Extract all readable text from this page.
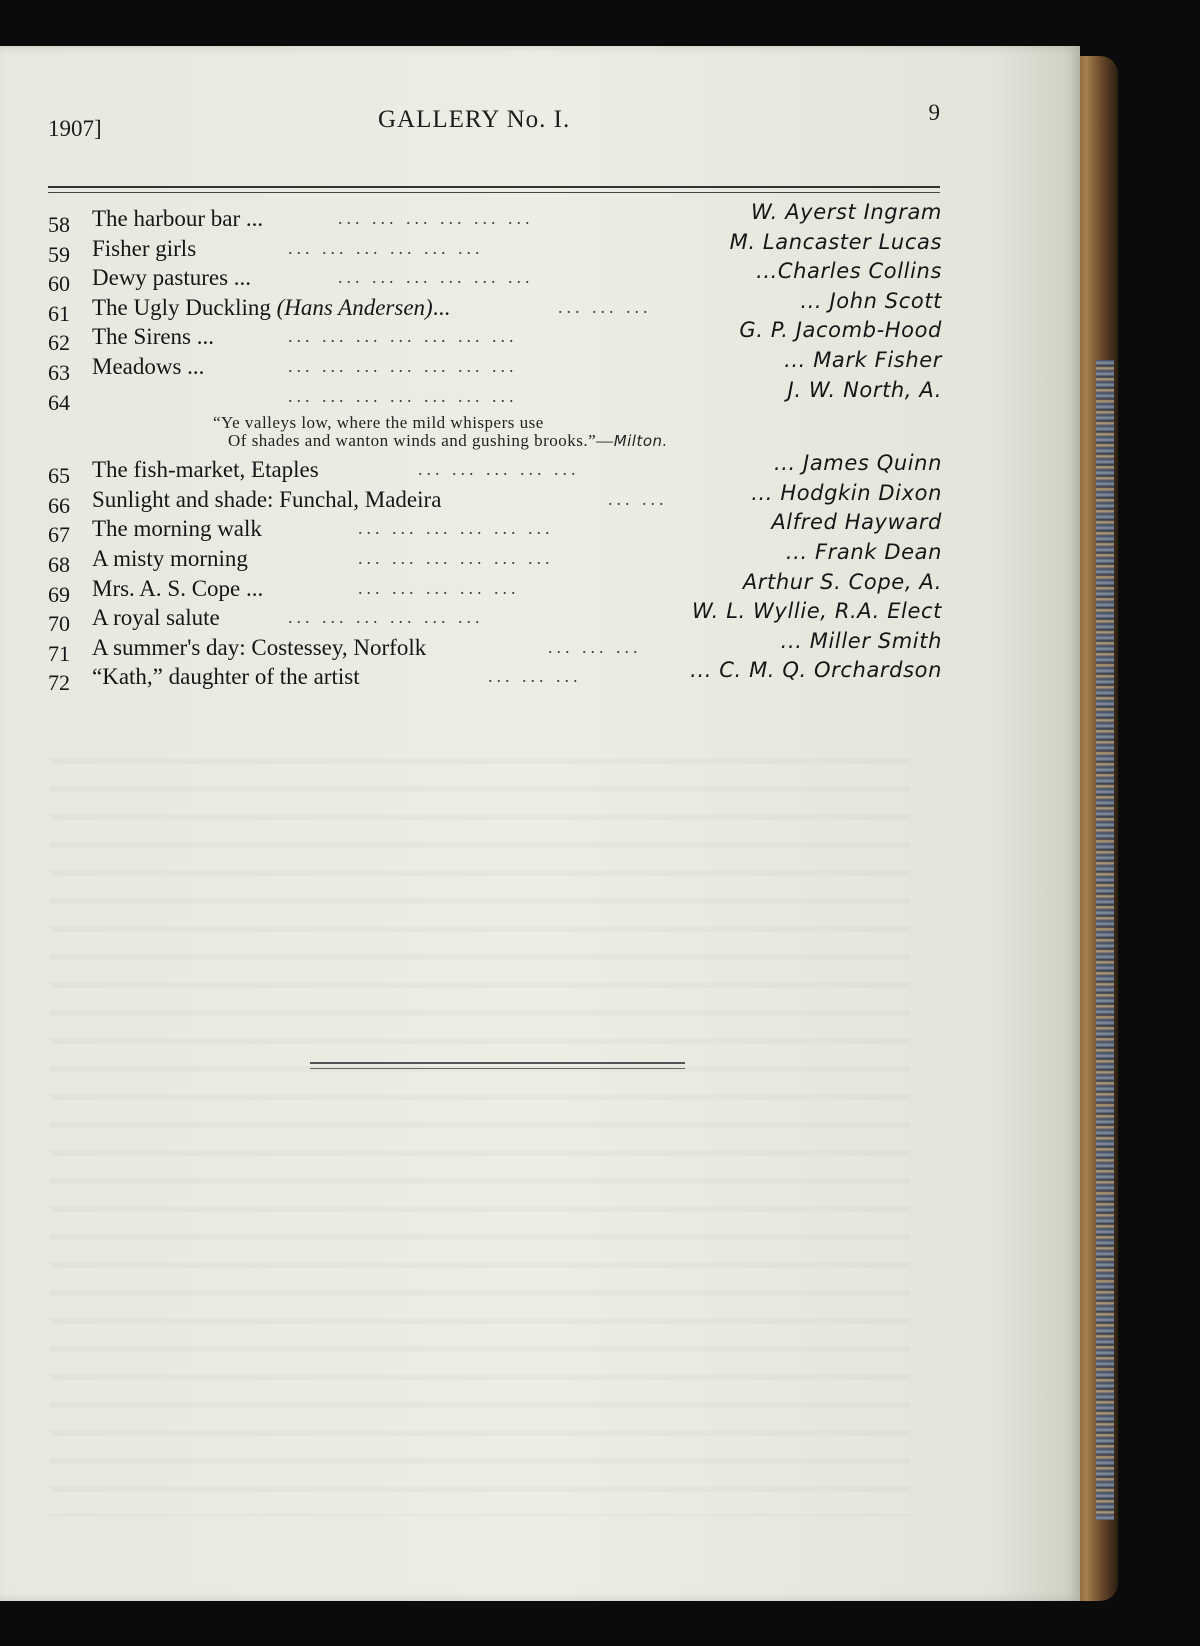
1907]	GALLERY No. I.	9
58 The harbour bar ...	... ... ... ... ... ...	W. Ayerst Ingram
59 Fisher girls	... ... ... ... ... ...	M. Lancaster Lucas
60 Dewy pastures ...	... ... ... ... ... ...	...Charles Collins
61 The Ugly Duckling (Hans Andersen)...	... ... ...	... John Scott
62 The Sirens ...	... ... ... ... ... ... ...	G. P. Jacomb-Hood
63 Meadows ...	... ... ... ... ... ... ...	... Mark Fisher
64	... ... ... ... ... ... ...	J. W. North, A.
“Ye valleys low, where the mild whispers use
Of shades and wanton winds and gushing brooks.”—Milton.
65 The fish-market, Etaples	... ... ... ... ...	... James Quinn
66 Sunlight and shade: Funchal, Madeira	... ...	... Hodgkin Dixon
67 The morning walk	... ... ... ... ... ...	Alfred Hayward
68 A misty morning	... ... ... ... ... ...	... Frank Dean
69 Mrs. A. S. Cope ...	... ... ... ... ...	Arthur S. Cope, A.
70 A royal salute	... ... ... ... ... ...	W. L. Wyllie, R.A. Elect
71 A summer's day: Costessey, Norfolk	... ... ...	... Miller Smith
72 “Kath,” daughter of the artist	... ... ...	... C. M. Q. Orchardson
